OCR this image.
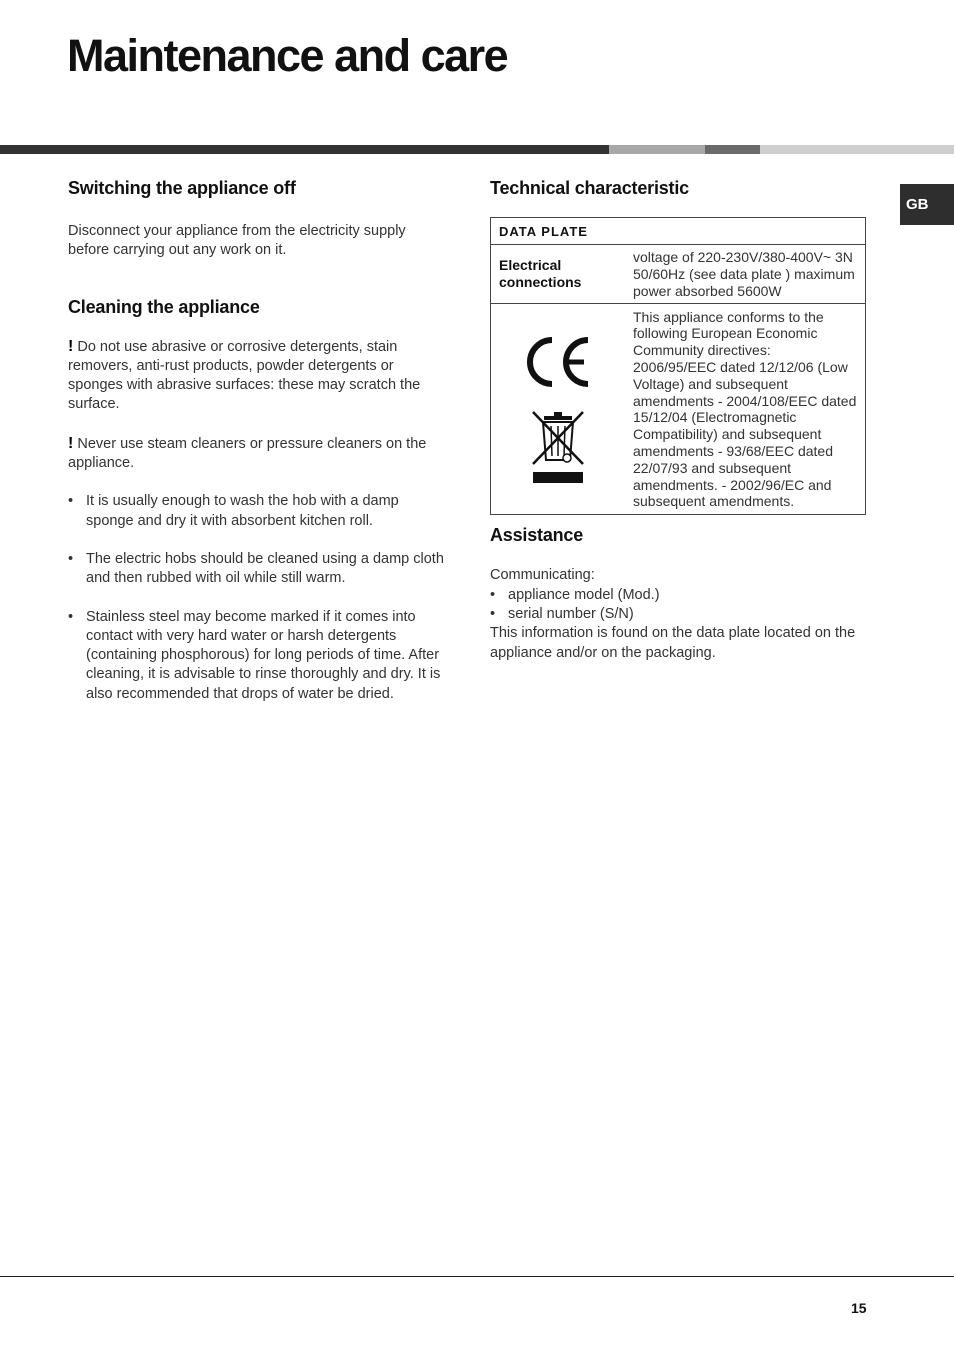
Maintenance and care
GB
Switching the appliance off

Disconnect your appliance from the electricity supply before carrying out any work on it.

Cleaning the appliance

! Do not use abrasive or corrosive detergents, stain removers, anti-rust products, powder detergents or sponges with abrasive surfaces: these may scratch the surface.

! Never use steam cleaners or pressure cleaners on the appliance.

• It is usually enough to wash the hob with a damp sponge and dry it with absorbent kitchen roll.
• The electric hobs should be cleaned using a damp cloth and then rubbed with oil while still warm.
• Stainless steel may become marked if it comes into contact with very hard water or harsh detergents (containing phosphorous) for long periods of time. After cleaning, it is advisable to rinse thoroughly and dry. It is also recommended that drops of water be dried.
Technical characteristic
DATA PLATE	
Electrical connections	voltage of 220-230V/380-400V~ 3N 50/60Hz (see data plate ) maximum power absorbed 5600W

	This appliance conforms to the following European Economic Community directives: 2006/95/EEC dated 12/12/06 (Low Voltage) and subsequent amendments - 2004/108/EEC dated 15/12/04 (Electromagnetic Compatibility) and subsequent amendments - 93/68/EEC dated 22/07/93 and subsequent amendments. - 2002/96/EC and subsequent amendments.
Assistance

Communicating:

• appliance model (Mod.)
• serial number (S/N)

This information is found on the data plate located on the appliance and/or on the packaging.

15
